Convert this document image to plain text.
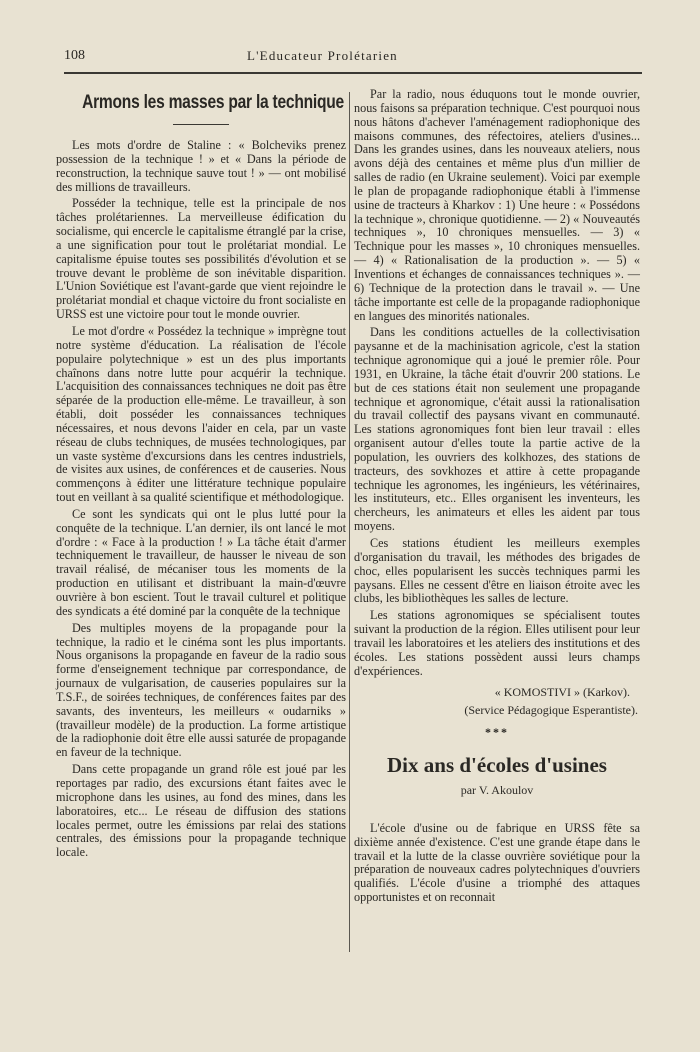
108	L'Educateur Prolétarien
Armons les masses par la technique

Les mots d'ordre de Staline : « Bolcheviks prenez possession de la technique ! » et « Dans la période de reconstruction, la technique sauve tout ! » — ont mobilisé des millions de travailleurs.

Posséder la technique, telle est la principale de nos tâches prolétariennes. La merveilleuse édification du socialisme, qui encercle le capitalisme étranglé par la crise, a une signification pour tout le prolétariat mondial. Le capitalisme épuise toutes ses possibilités d'évolution et se trouve devant le problème de son inévitable disparition. L'Union Soviétique est l'avant-garde que vient rejoindre le prolétariat mondial et chaque victoire du front socialiste en URSS est une victoire pour tout le monde ouvrier.

Le mot d'ordre « Possédez la technique » imprègne tout notre système d'éducation. La réalisation de l'école populaire polytechnique » est un des plus importants chaînons dans notre lutte pour acquérir la technique. L'acquisition des connaissances techniques ne doit pas être séparée de la production elle-même. Le travailleur, à son établi, doit posséder les connaissances techniques nécessaires, et nous devons l'aider en cela, par un vaste réseau de clubs techniques, de musées technologiques, par un vaste système d'excursions dans les centres industriels, de visites aux usines, de conférences et de causeries. Nous commençons à éditer une littérature technique populaire tout en veillant à sa qualité scientifique et méthodologique.

Ce sont les syndicats qui ont le plus lutté pour la conquête de la technique. L'an dernier, ils ont lancé le mot d'ordre : « Face à la production ! » La tâche était d'armer techniquement le travailleur, de hausser le niveau de son travail réalisé, de mécaniser tous les moments de la production en utilisant et distribuant la main-d'œuvre ouvrière à bon escient. Tout le travail culturel et politique des syndicats a été dominé par la conquête de la technique

Des multiples moyens de la propagande pour la technique, la radio et le cinéma sont les plus importants. Nous organisons la propagande en faveur de la radio sous forme d'enseignement technique par correspondance, de journaux de vulgarisation, de causeries populaires sur la T.S.F., de soirées techniques, de conférences faites par des savants, des inventeurs, les meilleurs « oudarniks » (travailleur modèle) de la production. La forme artistique de la radiophonie doit être elle aussi saturée de propagande en faveur de la technique.

Dans cette propagande un grand rôle est joué par les reportages par radio, des excursions étant faites avec le microphone dans les usines, au fond des mines, dans les laboratoires, etc... Le réseau de diffusion des stations locales permet, outre les émissions par relai des stations centrales, des émissions pour la propagande technique locale.

Par la radio, nous éduquons tout le monde ouvrier, nous faisons sa préparation technique. C'est pourquoi nous nous hâtons d'achever l'aménagement radiophonique des maisons communes, des réfectoires, ateliers d'usines... Dans les grandes usines, dans les nouveaux ateliers, nous avons déjà des centaines et même plus d'un millier de salles de radio (en Ukraine seulement). Voici par exemple le plan de propagande radiophonique établi à l'immense usine de tracteurs à Kharkov : 1) Une heure : « Possédons la technique », chronique quotidienne. — 2) « Nouveautés techniques », 10 chroniques mensuelles. — 3) « Technique pour les masses », 10 chroniques mensuelles. — 4) « Rationalisation de la production ». — 5) « Inventions et échanges de connaissances techniques ». — 6) Technique de la protection dans le travail ». — Une tâche importante est celle de la propagande radiophonique en langues des minorités nationales.

Dans les conditions actuelles de la collectivisation paysanne et de la machinisation agricole, c'est la station technique agronomique qui a joué le premier rôle. Pour 1931, en Ukraine, la tâche était d'ouvrir 200 stations. Le but de ces stations était non seulement une propagande technique et agronomique, c'était aussi la rationalisation du travail collectif des paysans vivant en communauté. Les stations agronomiques font bien leur travail : elles organisent autour d'elles toute la partie active de la population, les ouvriers des kolkhozes, des stations de tracteurs, des sovkhozes et attire à cette propagande technique les agronomes, les ingénieurs, les vétérinaires, les instituteurs, etc.. Elles organisent les inventeurs, les chercheurs, les animateurs et elles les aident par tous moyens.

Ces stations étudient les meilleurs exemples d'organisation du travail, les méthodes des brigades de choc, elles popularisent les succès techniques parmi les paysans. Elles ne cessent d'être en liaison étroite avec les clubs, les bibliothèques les salles de lecture.

Les stations agronomiques se spécialisent toutes suivant la production de la région. Elles utilisent pour leur travail les laboratoires et les ateliers des institutions et des écoles. Les stations possèdent aussi leurs champs d'expériences.

« KOMOSTIVI » (Karkov).
(Service Pédagogique Esperantiste).
***
Dix ans d'écoles d'usines
par V. Akoulov

L'école d'usine ou de fabrique en URSS fête sa dixième année d'existence. C'est une grande étape dans le travail et la lutte de la classe ouvrière soviétique pour la préparation de nouveaux cadres polytechniques d'ouvriers qualifiés. L'école d'usine a triomphé des attaques opportunistes et on reconnait
